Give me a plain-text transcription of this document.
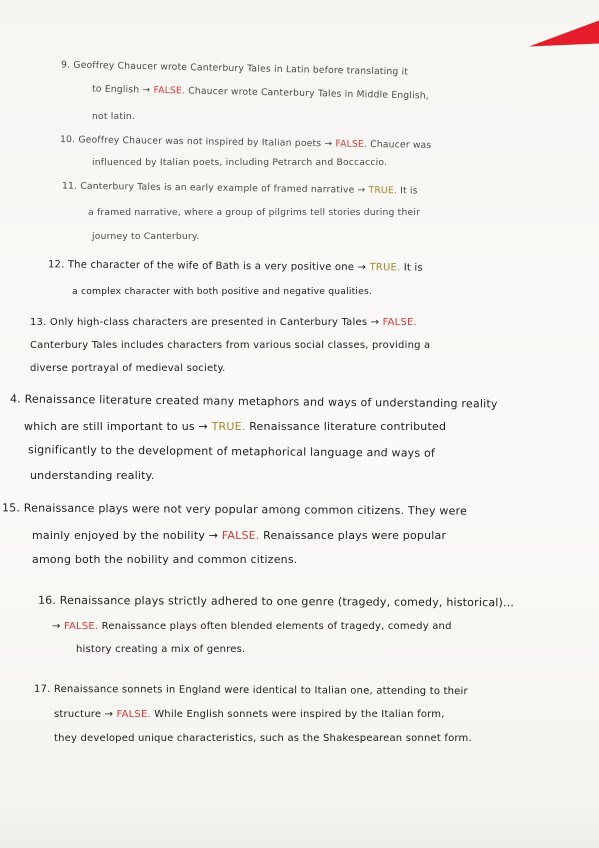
9. Geoffrey Chaucer wrote Canterbury Tales in Latin before translating it
to English → FALSE. Chaucer wrote Canterbury Tales in Middle English,
not latin.
10. Geoffrey Chaucer was not inspired by Italian poets → FALSE. Chaucer was
influenced by Italian poets, including Petrarch and Boccaccio.
11. Canterbury Tales is an early example of framed narrative → TRUE. It is
a framed narrative, where a group of pilgrims tell stories during their
journey to Canterbury.
12. The character of the wife of Bath is a very positive one → TRUE. It is
a complex character with both positive and negative qualities.
13. Only high-class characters are presented in Canterbury Tales → FALSE.
Canterbury Tales includes characters from various social classes, providing a
diverse portrayal of medieval society.
4. Renaissance literature created many metaphors and ways of understanding reality
which are still important to us → TRUE. Renaissance literature contributed
significantly to the development of metaphorical language and ways of
understanding reality.
15. Renaissance plays were not very popular among common citizens. They were
mainly enjoyed by the nobility → FALSE. Renaissance plays were popular
among both the nobility and common citizens.
16. Renaissance plays strictly adhered to one genre (tragedy, comedy, historical)...
→ FALSE. Renaissance plays often blended elements of tragedy, comedy and
history creating a mix of genres.
17. Renaissance sonnets in England were identical to Italian one, attending to their
structure → FALSE. While English sonnets were inspired by the Italian form,
they developed unique characteristics, such as the Shakespearean sonnet form.
